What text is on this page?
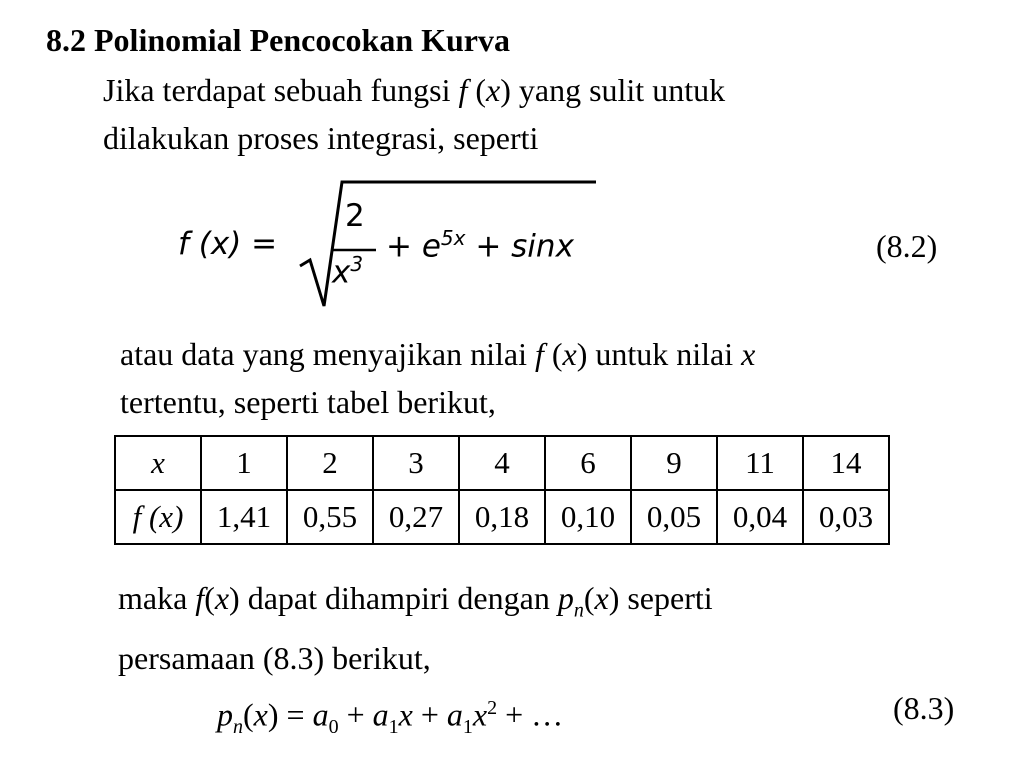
8.2 Polinomial Pencocokan Kurva
Jika terdapat sebuah fungsi f (x) yang sulit untuk
dilakukan proses integrasi, seperti
f (x) =
2
$x^3 + e^{5x} + \sin x$	(8.2)
atau data yang menyajikan nilai f (x) untuk nilai x
tertentu, seperti tabel berikut,
x	1	2	3	4	6	9	11	14
f (x)	1,41	0,55	0,27	0,18	0,10	0,05	0,04	0,03
maka f(x) dapat dihampiri dengan $p_n(x)$ seperti
persamaan (8.3) berikut,
$p_n(x) = a_0 + a_1x + a_1x^2$ + …	(8.3)
